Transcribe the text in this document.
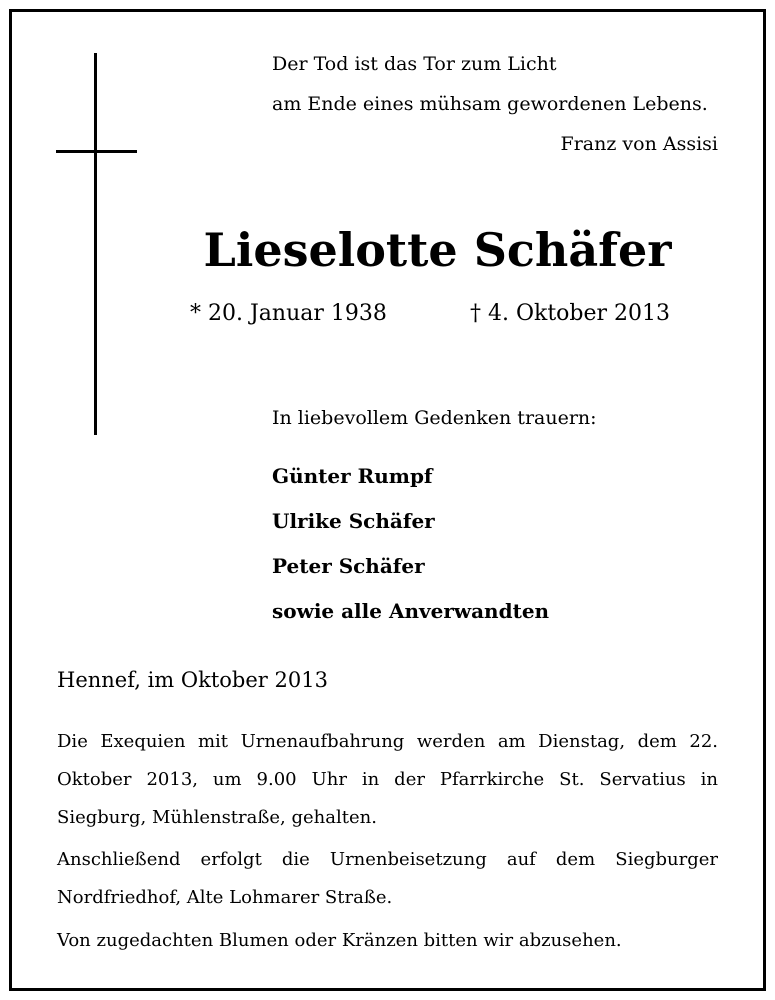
Der Tod ist das Tor zum Licht
am Ende eines mühsam gewordenen Lebens.
Franz von Assisi
Lieselotte Schäfer
* 20. Januar 1938	† 4. Oktober 2013
In liebevollem Gedenken trauern:
Günter Rumpf
Ulrike Schäfer
Peter Schäfer
sowie alle Anverwandten
Hennef, im Oktober 2013

Die Exequien mit Urnenaufbahrung werden am Dienstag, dem 22. Oktober 2013, um 9.00 Uhr in der Pfarrkirche St. Servatius in Siegburg, Mühlenstraße, gehalten.

Anschließend erfolgt die Urnenbeisetzung auf dem Siegburger Nordfriedhof, Alte Lohmarer Straße.

Von zugedachten Blumen oder Kränzen bitten wir abzusehen.
